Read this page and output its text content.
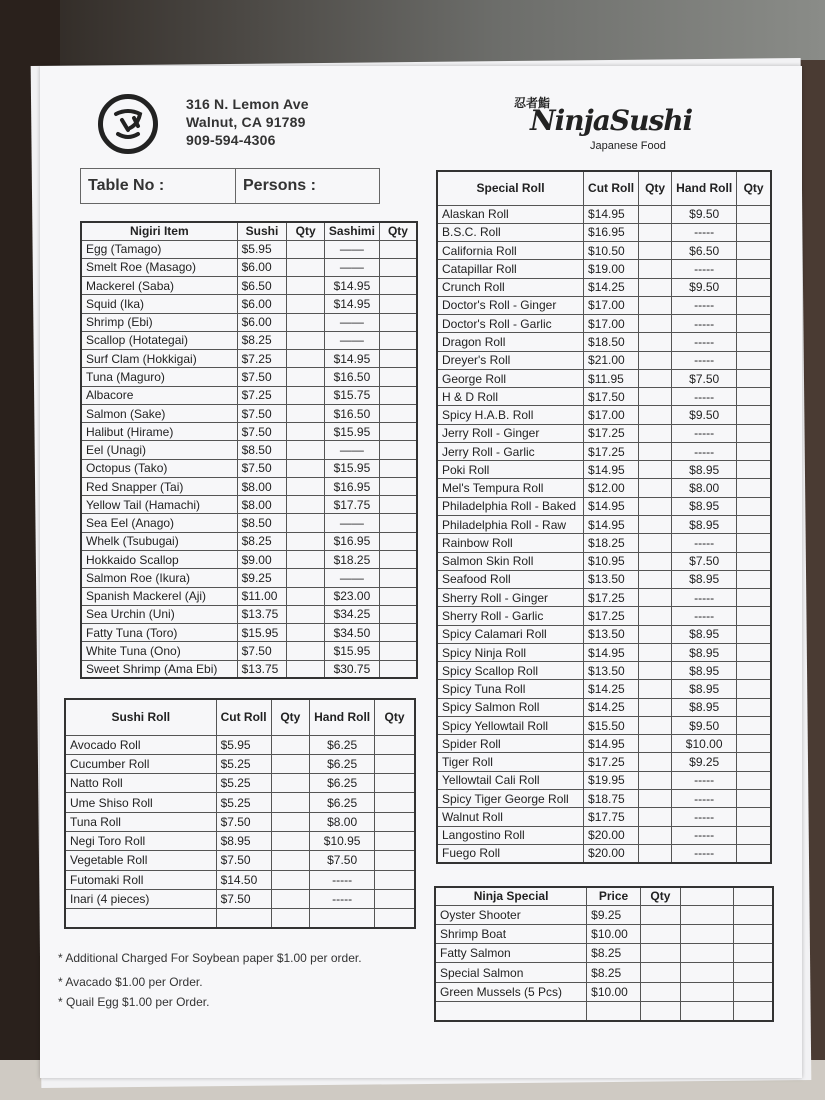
316 N. Lemon Ave
Walnut, CA 91789
909-594-4306
忍者鮨
NinjaSushi
Japanese Food
Table No :	Persons :
Nigiri Item	Sushi	Qty	Sashimi	Qty
Egg (Tamago)	$5.95		——	
Smelt Roe (Masago)	$6.00		——	
Mackerel (Saba)	$6.50		$14.95	
Squid (Ika)	$6.00		$14.95	
Shrimp (Ebi)	$6.00		——	
Scallop (Hotategai)	$8.25		——	
Surf Clam (Hokkigai)	$7.25		$14.95	
Tuna (Maguro)	$7.50		$16.50	
Albacore	$7.25		$15.75	
Salmon (Sake)	$7.50		$16.50	
Halibut (Hirame)	$7.50		$15.95	
Eel (Unagi)	$8.50		——	
Octopus (Tako)	$7.50		$15.95	
Red Snapper (Tai)	$8.00		$16.95	
Yellow Tail (Hamachi)	$8.00		$17.75	
Sea Eel (Anago)	$8.50		——	
Whelk (Tsubugai)	$8.25		$16.95	
Hokkaido Scallop	$9.00		$18.25	
Salmon Roe (Ikura)	$9.25		——	
Spanish Mackerel (Aji)	$11.00		$23.00	
Sea Urchin (Uni)	$13.75		$34.25	
Fatty Tuna (Toro)	$15.95		$34.50	
White Tuna (Ono)	$7.50		$15.95	
Sweet Shrimp (Ama Ebi)	$13.75		$30.75	
Sushi Roll	Cut Roll	Qty	Hand Roll	Qty
Avocado Roll	$5.95		$6.25	
Cucumber Roll	$5.25		$6.25	
Natto Roll	$5.25		$6.25	
Ume Shiso Roll	$5.25		$6.25	
Tuna Roll	$7.50		$8.00	
Negi Toro Roll	$8.95		$10.95	
Vegetable Roll	$7.50		$7.50	
Futomaki Roll	$14.50		-----	
Inari (4 pieces)	$7.50		-----	

Special Roll	Cut Roll	Qty	Hand Roll	Qty
Alaskan Roll	$14.95		$9.50	
B.S.C. Roll	$16.95		-----	
California Roll	$10.50		$6.50	
Catapillar Roll	$19.00		-----	
Crunch Roll	$14.25		$9.50	
Doctor's Roll - Ginger	$17.00		-----	
Doctor's Roll - Garlic	$17.00		-----	
Dragon Roll	$18.50		-----	
Dreyer's Roll	$21.00		-----	
George Roll	$11.95		$7.50	
H & D Roll	$17.50		-----	
Spicy H.A.B. Roll	$17.00		$9.50	
Jerry Roll - Ginger	$17.25		-----	
Jerry Roll - Garlic	$17.25		-----	
Poki Roll	$14.95		$8.95	
Mel's Tempura Roll	$12.00		$8.00	
Philadelphia Roll - Baked	$14.95		$8.95	
Philadelphia Roll - Raw	$14.95		$8.95	
Rainbow Roll	$18.25		-----	
Salmon Skin Roll	$10.95		$7.50	
Seafood Roll	$13.50		$8.95	
Sherry Roll - Ginger	$17.25		-----	
Sherry Roll - Garlic	$17.25		-----	
Spicy Calamari Roll	$13.50		$8.95	
Spicy Ninja Roll	$14.95		$8.95	
Spicy Scallop Roll	$13.50		$8.95	
Spicy Tuna Roll	$14.25		$8.95	
Spicy Salmon Roll	$14.25		$8.95	
Spicy Yellowtail Roll	$15.50		$9.50	
Spider Roll	$14.95		$10.00	
Tiger Roll	$17.25		$9.25	
Yellowtail Cali Roll	$19.95		-----	
Spicy Tiger George Roll	$18.75		-----	
Walnut Roll	$17.75		-----	
Langostino Roll	$20.00		-----	
Fuego Roll	$20.00		-----	
Ninja Special	Price	Qty		
Oyster Shooter	$9.25			
Shrimp Boat	$10.00			
Fatty Salmon	$8.25			
Special Salmon	$8.25			
Green Mussels (5 Pcs)	$10.00			

* Additional Charged For Soybean paper $1.00 per order.
* Avacado $1.00 per Order.
* Quail Egg $1.00 per Order.
